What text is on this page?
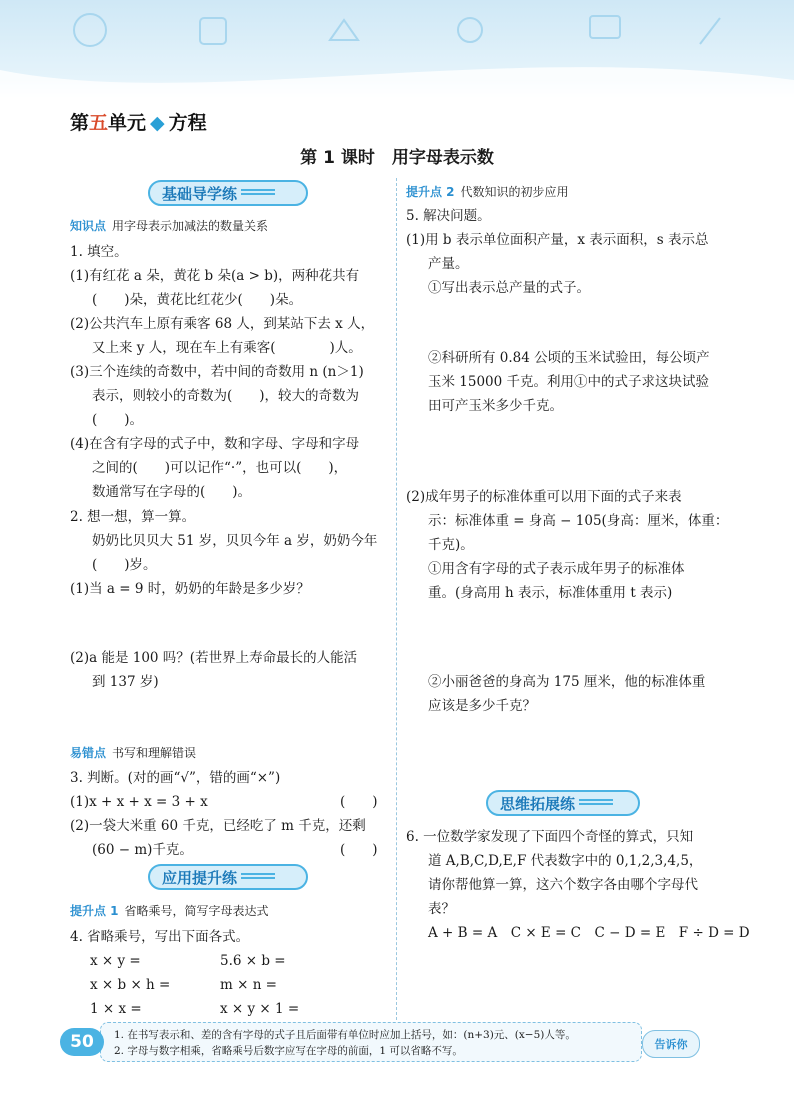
第五单元 ◆ 方程
第 1 课时　用字母表示数
基础导学练
知识点 用字母表示加减法的数量关系
1. 填空。
(1)有红花 a 朵，黄花 b 朵(a > b)，两种花共有
(　　)朵，黄花比红花少(　　)朵。
(2)公共汽车上原有乘客 68 人，到某站下去 x 人，
又上来 y 人，现在车上有乘客(　　　　)人。
(3)三个连续的奇数中，若中间的奇数用 n (n＞1)
表示，则较小的奇数为(　　)，较大的奇数为
(　　)。
(4)在含有字母的式子中，数和字母、字母和字母
之间的(　　)可以记作“·”，也可以(　　)，
数通常写在字母的(　　)。
2. 想一想，算一算。
奶奶比贝贝大 51 岁，贝贝今年 a 岁，奶奶今年
(　　)岁。
(1)当 a = 9 时，奶奶的年龄是多少岁？
(2)a 能是 100 吗？(若世界上寿命最长的人能活
到 137 岁)
易错点 书写和理解错误
3. 判断。(对的画“√”，错的画“×”)
(1)x + x + x = 3 + x	(　　)
(2)一袋大米重 60 千克，已经吃了 m 千克，还剩
(60 − m)千克。	(　　)
应用提升练
提升点 1 省略乘号，简写字母表达式
4. 省略乘号，写出下面各式。
x × y =	5.6 × b =
x × b × h =	m × n =
1 × x =	x × y × 1 =
提升点 2 代数知识的初步应用
5. 解决问题。
(1)用 b 表示单位面积产量，x 表示面积，s 表示总
产量。
①写出表示总产量的式子。
②科研所有 0.84 公顷的玉米试验田，每公顷产
玉米 15000 千克。利用①中的式子求这块试验
田可产玉米多少千克。
(2)成年男子的标准体重可以用下面的式子来表
示：标准体重 = 身高 − 105(身高：厘米，体重：
千克)。
①用含有字母的式子表示成年男子的标准体
重。(身高用 h 表示，标准体重用 t 表示)
②小丽爸爸的身高为 175 厘米，他的标准体重
应该是多少千克？
思维拓展练
6. 一位数学家发现了下面四个奇怪的算式，只知
道 A,B,C,D,E,F 代表数字中的 0,1,2,3,4,5，
请你帮他算一算，这六个数字各由哪个字母代
表？
A + B = A　C × E = C　C − D = E　F ÷ D = D
50	1. 在书写表示和、差的含有字母的式子且后面带有单位时应加上括号，如：(n+3)元、(x−5)人等。
2. 字母与数字相乘，省略乘号后数字应写在字母的前面，1 可以省略不写。	告诉你
